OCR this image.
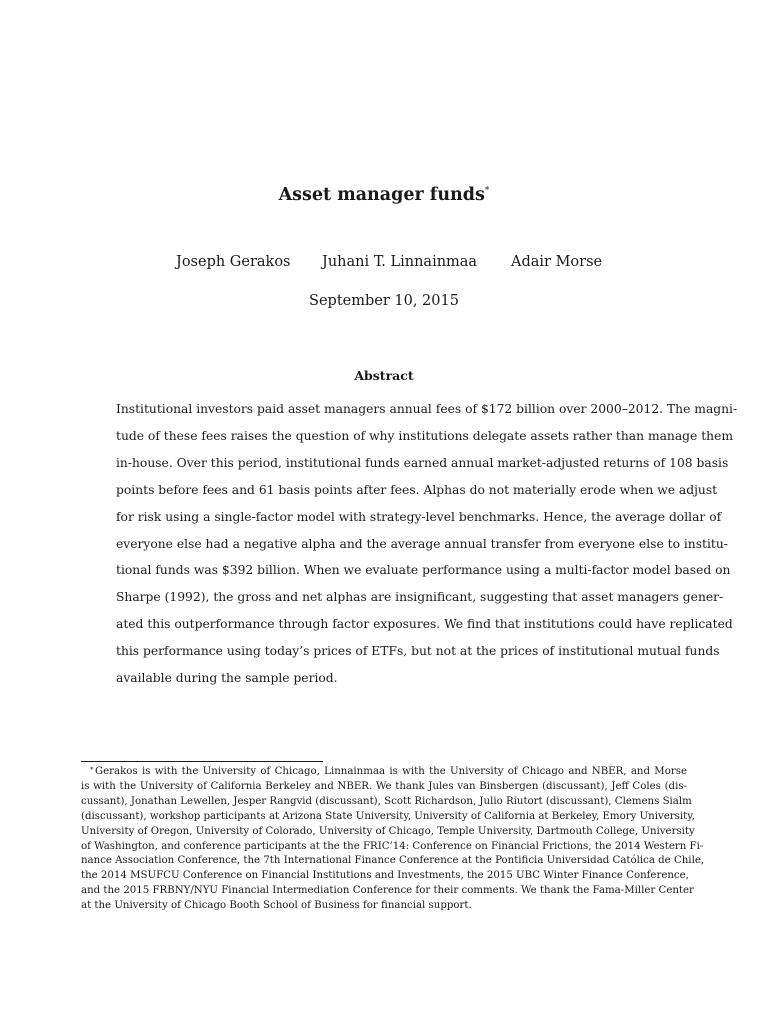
Asset manager funds*
Joseph Gerakos Juhani T. Linnainmaa Adair Morse
September 10, 2015
Abstract
Institutional investors paid asset managers annual fees of $172 billion over 2000–2012. The magni-
tude of these fees raises the question of why institutions delegate assets rather than manage them
in-house. Over this period, institutional funds earned annual market-adjusted returns of 108 basis
points before fees and 61 basis points after fees. Alphas do not materially erode when we adjust
for risk using a single-factor model with strategy-level benchmarks. Hence, the average dollar of
everyone else had a negative alpha and the average annual transfer from everyone else to institu-
tional funds was $392 billion. When we evaluate performance using a multi-factor model based on
Sharpe (1992), the gross and net alphas are insignificant, suggesting that asset managers gener-
ated this outperformance through factor exposures. We find that institutions could have replicated
this performance using today’s prices of ETFs, but not at the prices of institutional mutual funds
available during the sample period.
* Gerakos is with the University of Chicago, Linnainmaa is with the University of Chicago and NBER, and Morse
is with the University of California Berkeley and NBER. We thank Jules van Binsbergen (discussant), Jeff Coles (dis-
cussant), Jonathan Lewellen, Jesper Rangvid (discussant), Scott Richardson, Julio Riutort (discussant), Clemens Sialm
(discussant), workshop participants at Arizona State University, University of California at Berkeley, Emory University,
University of Oregon, University of Colorado, University of Chicago, Temple University, Dartmouth College, University
of Washington, and conference participants at the the FRIC’14: Conference on Financial Frictions, the 2014 Western Fi-
nance Association Conference, the 7th International Finance Conference at the Pontificia Universidad Católica de Chile,
the 2014 MSUFCU Conference on Financial Institutions and Investments, the 2015 UBC Winter Finance Conference,
and the 2015 FRBNY/NYU Financial Intermediation Conference for their comments. We thank the Fama-Miller Center
at the University of Chicago Booth School of Business for financial support.
